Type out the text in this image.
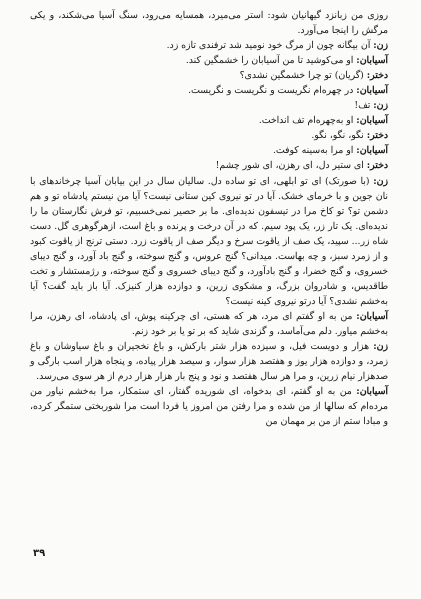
روزی من زبانزد گیهانیان شود: استر می‌میرد، همسایه می‌رود، سنگ آسیا می‌شکند، و یکی مرگش را اینجا می‌آورد.

زن: آن بیگانه چون از مرگ خود نومید شد ترفندی تازه زد.

آسیابان: او می‌کوشید تا من آسیابان را خشمگین کند.

دختر: (گریان) تو چرا خشمگین نشدی؟

آسیابان: در چهره‌ام نگریست و نگریست و نگریست.

زن: تف!

آسیابان: او به‌چهره‌ام تف انداخت.

دختر: نگو، نگو، نگو.

آسیابان: او مرا به‌سینه کوفت.

دختر: ای ستیر دل، ای رهزن، ای شور چشم!

زن: (با صورتک) ای تو ابلهی، ای تو ساده دل. سالیان سال در این بیابان آسیا چرخاندهای با نان جوین و با خرمای خشک. آیا در تو نیروی کین ستانی نیست؟ آیا من نیستم پادشاه تو و هم دشمن تو؟ تو کاخ مرا در تیسفون ندیده‌ای. ما بر حصیر نمی‌خسبیم، تو فرش نگارستان ما را ندیده‌ای. یک تار زر، یک پود سیم. که در آن درخت و پرنده و باغ است، ازهرگوهری گل. دست شاه زر... سپید، یک صف از یاقوت سرخ و دیگر صف از یاقوت زرد. دستی ترنج از یاقوت کبود و از زمرد سبز، و چه بهاست. میدانی؟ گنج عروس، و گنج سوخته، و گنج باد آورد، و گنج دیبای خسروی، و گنج خضرا، و گنج بادآورد، و گنج دیبای خسروی و گنج سوخته، و رژمستشار و تخت طاقدیس، و شادروان بزرگ، و مشکوی زرین، و دوازده هزار کنیزک. آیا باز باید گفت؟ آیا به‌خشم نشدی؟ آیا درتو نیروی کینه نیست؟

آسیابان: من به او گفتم ای مرد، هر که هستی، ای چرکینه پوش، ای پادشاه، ای رهزن، مرا به‌خشم میاور. دلم می‌آماسد، و گزندی شاید که بر تو یا بر خود زنم.

زن: هزار و دویست فیل، و سیزده هزار شتر بارکش، و باغ نخجیران و باغ سیاوشان و باغ زمرد، و دوازده هزار یوز و هفتصد هزار سوار، و سیصد هزار پیاده، و پنجاه هزار اسب بارگی و صدهزار نیام زرین، و مرا هر سال هفتصد و نود و پنج بار هزار هزار درم از هر سوی می‌رسد.

آسیابان: من به او گفتم، ای بدخواه، ای شوریده گفتار، ای ستمکار، مرا به‌خشم نیاور من مرده‌ام که سالها از من شده و مرا رفتن من امروز یا فردا است مرا شوربختی ستمگر کرده، و مبادا ستم از من بر مهمان من

۳۹
